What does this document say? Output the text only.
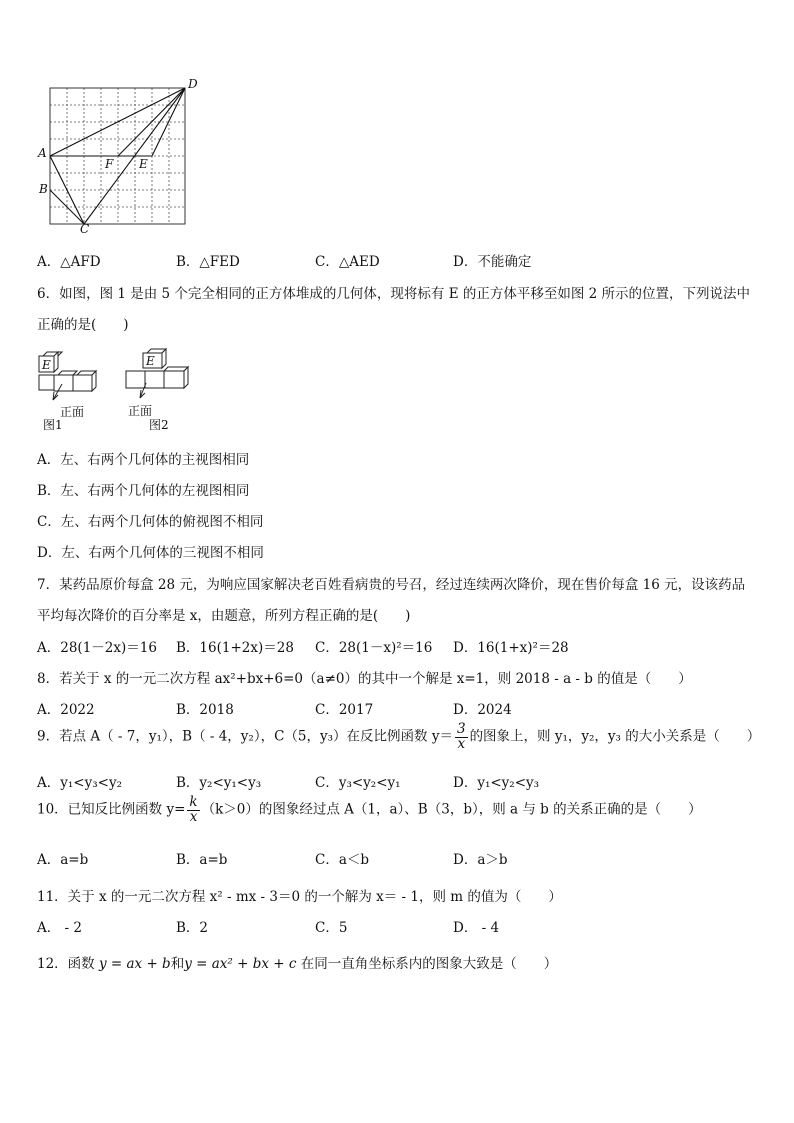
A
B
C
D
E
F
A．△AFD	B．△FED	C．△AED	D．不能确定
6．如图，图 1 是由 5 个完全相同的正方体堆成的几何体，现将标有 E 的正方体平移至如图 2 所示的位置，下列说法中
正确的是(　　)
E	E
正面	正面
图1	图2
A．左、右两个几何体的主视图相同
B．左、右两个几何体的左视图相同
C．左、右两个几何体的俯视图不相同
D．左、右两个几何体的三视图不相同
7．某药品原价每盒 28 元，为响应国家解决老百姓看病贵的号召，经过连续两次降价，现在售价每盒 16 元，设该药品
平均每次降价的百分率是 x，由题意，所列方程正确的是(　　)
A．28(1－2x)＝16 B．16(1+2x)＝28 C．28(1－x)²＝16 D．16(1+x)²＝28
8．若关于 x 的一元二次方程 ax²+bx+6=0（a≠0）的其中一个解是 x=1，则 2018 - a - b 的值是（　　）
A．2022	B．2018	C．2017	D．2024
9．若点 A（ - 7，y₁），B（ - 4，y₂），C（5，y₃）在反比例函数 $y= \frac{3}{x}$ 的图象上，则 y₁，y₂，y₃ 的大小关系是（　　）
A．y₁<y₃<y₂	B．y₂<y₁<y₃	C．y₃<y₂<y₁	D．y₁<y₂<y₃
10．已知反比例函数 $y= \frac{k}{x} (k>0)$的图象经过点 A（1，a）、B（3，b），则 a 与 b 的关系正确的是（　　）
A．a=b	B．a=b	C．a＜b	D．a＞b
11．关于 x 的一元二次方程 x² - mx - 3＝0 的一个解为 x＝ - 1，则 m 的值为（　　）
A． - 2	B．2	C．5	D． - 4
12．函数 y = ax + b和y = ax² + bx + c 在同一直角坐标系内的图象大致是（　　）
